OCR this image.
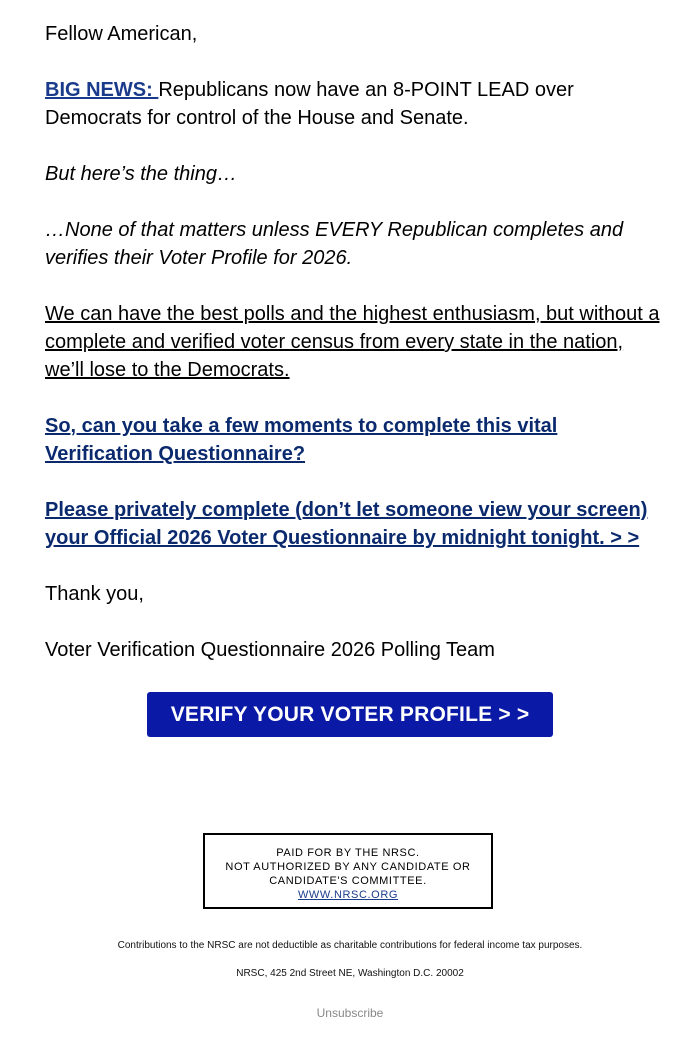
Fellow American,

BIG NEWS: Republicans now have an 8-POINT LEAD over Democrats for control of the House and Senate.

But here’s the thing…

…None of that matters unless EVERY Republican completes and verifies their Voter Profile for 2026.

We can have the best polls and the highest enthusiasm, but without a complete and verified voter census from every state in the nation, we’ll lose to the Democrats.

So, can you take a few moments to complete this vital Verification Questionnaire?

Please privately complete (don’t let someone view your screen) your Official 2026 Voter Questionnaire by midnight tonight. > >

Thank you,

Voter Verification Questionnaire 2026 Polling Team

VERIFY YOUR VOTER PROFILE > >
PAID FOR BY THE NRSC.
NOT AUTHORIZED BY ANY CANDIDATE OR
CANDIDATE'S COMMITTEE.
WWW.NRSC.ORG
Contributions to the NRSC are not deductible as charitable contributions for federal income tax purposes.
NRSC, 425 2nd Street NE, Washington D.C. 20002
Unsubscribe
